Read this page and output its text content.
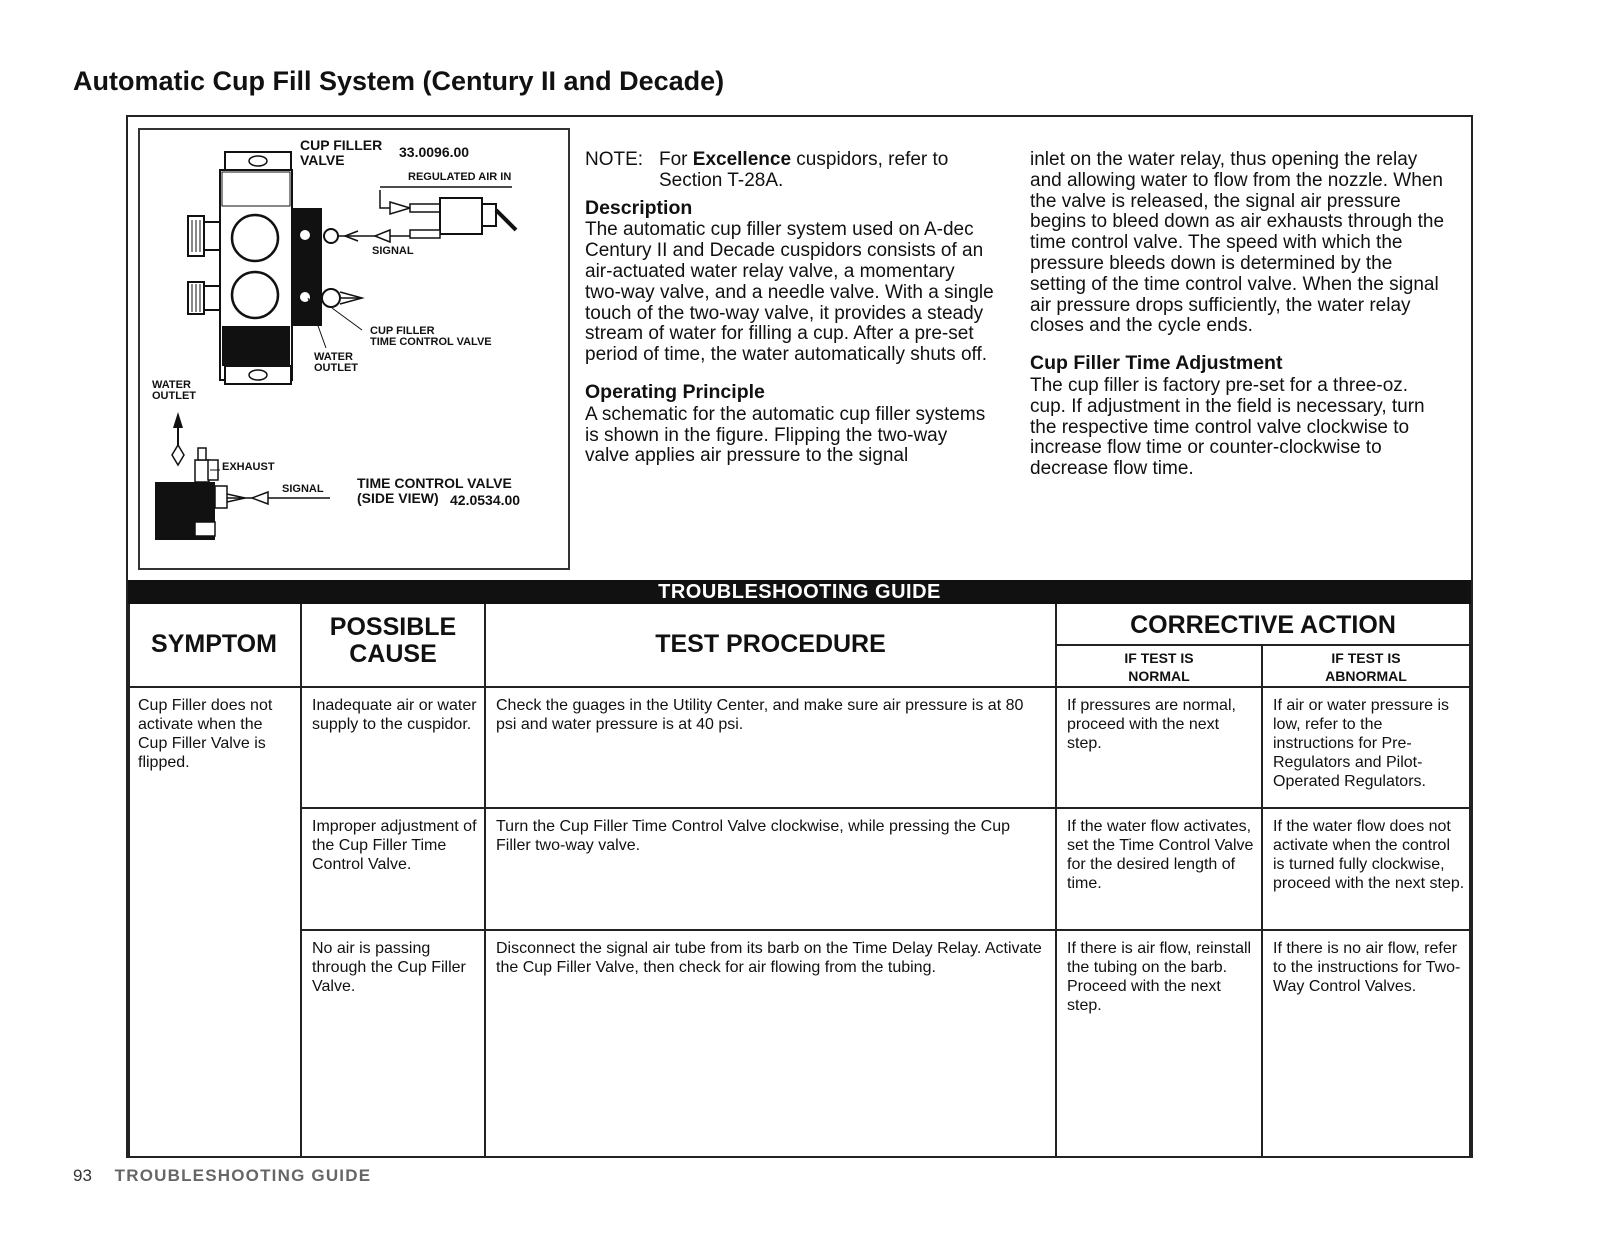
Automatic Cup Fill System (Century II and Decade)
CUP FILLER
VALVE	33.0096.00
REGULATED AIR IN
SIGNAL
CUP FILLER
TIME CONTROL VALVE
WATER
OUTLET
WATER
OUTLET
EXHAUST
SIGNAL TIME CONTROL VALVE
(SIDE VIEW) 42.0534.00
NOTE: For Excellence cuspidors, refer to Section T-28A.
Description

The automatic cup filler system used on A-dec Century II and Decade cuspidors consists of an air-actuated water relay valve, a momentary two-way valve, and a needle valve. With a single touch of the two-way valve, it provides a steady stream of water for filling a cup. After a pre-set period of time, the water automatically shuts off.

Operating Principle

A schematic for the automatic cup filler systems is shown in the figure. Flipping the two-way valve applies air pressure to the signal

inlet on the water relay, thus opening the relay and allowing water to flow from the nozzle. When the valve is released, the signal air pressure begins to bleed down as air exhausts through the time control valve. The speed with which the pressure bleeds down is determined by the setting of the time control valve. When the signal air pressure drops sufficiently, the water relay closes and the cycle ends.

Cup Filler Time Adjustment

The cup filler is factory pre-set for a three-oz. cup. If adjustment in the field is necessary, turn the respective time control valve clockwise to increase flow time or counter-clockwise to decrease flow time.

TROUBLESHOOTING GUIDE
SYMPTOM
POSSIBLE
CAUSE	TEST PROCEDURE
CORRECTIVE ACTION
IF TEST IS
NORMAL
IF TEST IS
ABNORMAL
Cup Filler does not activate when the Cup Filler Valve is flipped.
Inadequate air or water supply to the cuspidor.
Check the guages in the Utility Center, and make sure air pressure is at 80 psi and water pressure is at 40 psi.
If pressures are normal, proceed with the next step.
If air or water pressure is low, refer to the instructions for Pre-Regulators and Pilot-Operated Regulators.
Improper adjustment of the Cup Filler Time Control Valve.
Turn the Cup Filler Time Control Valve clockwise, while pressing the Cup Filler two-way valve.
If the water flow activates, set the Time Control Valve for the desired length of time.
If the water flow does not activate when the control is turned fully clockwise, proceed with the next step.
No air is passing through the Cup Filler Valve.
Disconnect the signal air tube from its barb on the Time Delay Relay. Activate the Cup Filler Valve, then check for air flowing from the tubing.
If there is air flow, reinstall the tubing on the barb. Proceed with the next step.
If there is no air flow, refer to the instructions for Two-Way Control Valves.
93 TROUBLESHOOTING GUIDE
